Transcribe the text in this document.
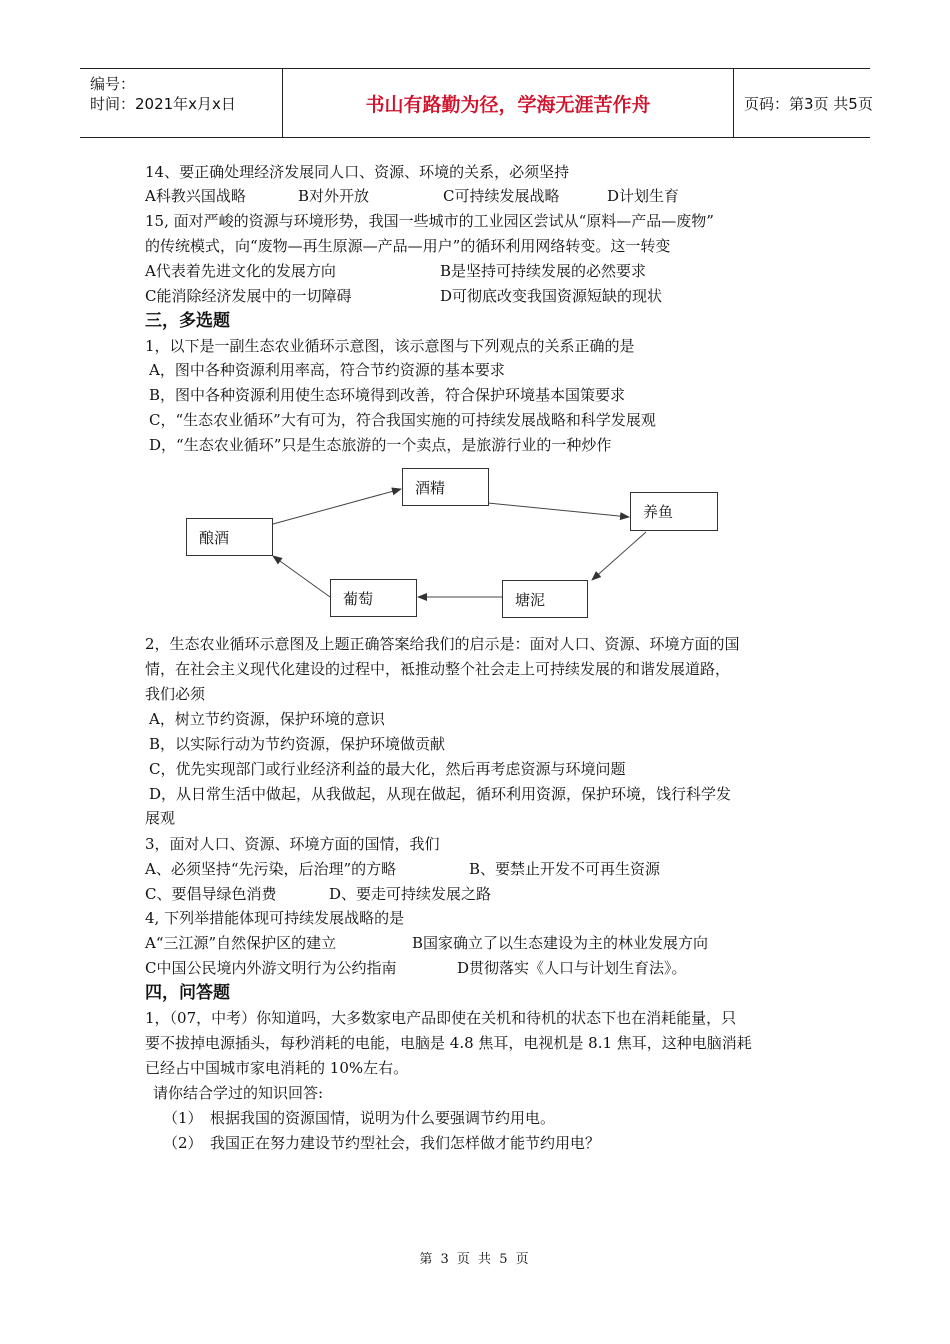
编号：
时间：2021年x月x日	书山有路勤为径，学海无涯苦作舟	页码：第3页 共5页
14、要正确处理经济发展同人口、资源、环境的关系，必须坚持
A科教兴国战略	B对外开放	C可持续发展战略	D计划生育
15, 面对严峻的资源与环境形势，我国一些城市的工业园区尝试从“原料—产品—废物”
的传统模式，向“废物—再生原源—产品—用户”的循环利用网络转变。这一转变
A代表着先进文化的发展方向	B是坚持可持续发展的必然要求
C能消除经济发展中的一切障碍	D可彻底改变我国资源短缺的现状
三，多选题
1，以下是一副生态农业循环示意图，该示意图与下列观点的关系正确的是
A，图中各种资源利用率高，符合节约资源的基本要求
B，图中各种资源利用使生态环境得到改善，符合保护环境基本国策要求
C，“生态农业循环”大有可为，符合我国实施的可持续发展战略和科学发展观
D，“生态农业循环”只是生态旅游的一个卖点，是旅游行业的一种炒作
酿酒
酒精
养鱼
塘泥
葡萄
2，生态农业循环示意图及上题正确答案给我们的启示是：面对人口、资源、环境方面的国
情，在社会主义现代化建设的过程中，袛推动整个社会走上可持续发展的和谐发展道路，
我们必须
A，树立节约资源，保护环境的意识
B，以实际行动为节约资源，保护环境做贡献
C，优先实现部门或行业经济利益的最大化，然后再考虑资源与环境问题
D，从日常生活中做起，从我做起，从现在做起，循环利用资源，保护环境，饯行科学发
展观
3，面对人口、资源、环境方面的国情，我们
A、必须坚持“先污染，后治理”的方略	B、要禁止开发不可再生资源
C、要倡导绿色消费	D、要走可持续发展之路
4, 下列举措能体现可持续发展战略的是
A“三江源”自然保护区的建立	B国家确立了以生态建设为主的林业发展方向
C中国公民境内外游文明行为公约指南	D贯彻落实《人口与计划生育法》。
四，问答题
1，（07，中考）你知道吗，大多数家电产品即使在关机和待机的状态下也在消耗能量，只
要不拔掉电源插头，每秒消耗的电能，电脑是 4.8 焦耳，电视机是 8.1 焦耳，这种电脑消耗
已经占中国城市家电消耗的 10%左右。
请你结合学过的知识回答:
（1） 根据我国的资源国情，说明为什么要强调节约用电。
（2） 我国正在努力建设节约型社会，我们怎样做才能节约用电？
第 3 页 共 5 页
